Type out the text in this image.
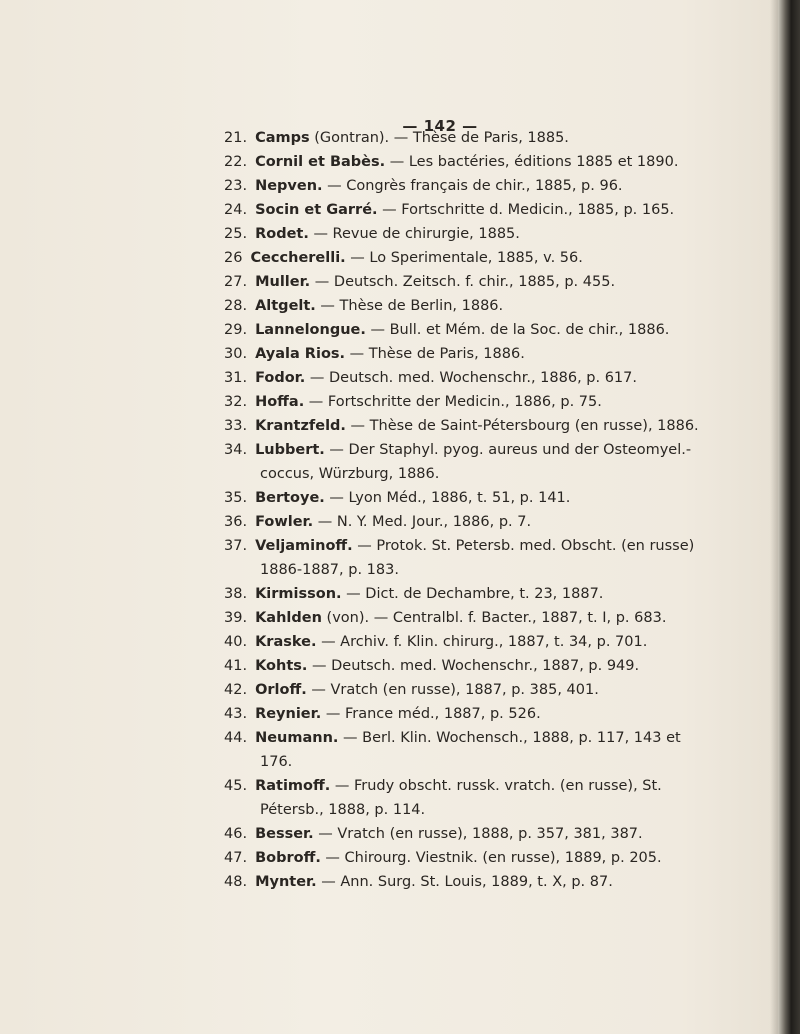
— 142 —
21. Camps (Gontran). — Thèse de Paris, 1885.
22. Cornil et Babès. — Les bactéries, éditions 1885 et 1890.
23. Nepven. — Congrès français de chir., 1885, p. 96.
24. Socin et Garré. — Fortschritte d. Medicin., 1885, p. 165.
25. Rodet. — Revue de chirurgie, 1885.
26 Ceccherelli. — Lo Sperimentale, 1885, v. 56.
27. Muller. — Deutsch. Zeitsch. f. chir., 1885, p. 455.
28. Altgelt. — Thèse de Berlin, 1886.
29. Lannelongue. — Bull. et Mém. de la Soc. de chir., 1886.
30. Ayala Rios. — Thèse de Paris, 1886.
31. Fodor. — Deutsch. med. Wochenschr., 1886, p. 617.
32. Hoffa. — Fortschritte der Medicin., 1886, p. 75.
33. Krantzfeld. — Thèse de Saint-Pétersbourg (en russe), 1886.
34. Lubbert. — Der Staphyl. pyog. aureus und der Osteomyel.-
coccus, Würzburg, 1886.
35. Bertoye. — Lyon Méd., 1886, t. 51, p. 141.
36. Fowler. — N. Y. Med. Jour., 1886, p. 7.
37. Veljaminoff. — Protok. St. Petersb. med. Obscht. (en russe)
1886-1887, p. 183.
38. Kirmisson. — Dict. de Dechambre, t. 23, 1887.
39. Kahlden (von). — Centralbl. f. Bacter., 1887, t. I, p. 683.
40. Kraske. — Archiv. f. Klin. chirurg., 1887, t. 34, p. 701.
41. Kohts. — Deutsch. med. Wochenschr., 1887, p. 949.
42. Orloff. — Vratch (en russe), 1887, p. 385, 401.
43. Reynier. — France méd., 1887, p. 526.
44. Neumann. — Berl. Klin. Wochensch., 1888, p. 117, 143 et
176.
45. Ratimoff. — Frudy obscht. russk. vratch. (en russe), St.
Pétersb., 1888, p. 114.
46. Besser. — Vratch (en russe), 1888, p. 357, 381, 387.
47. Bobroff. — Chirourg. Viestnik. (en russe), 1889, p. 205.
48. Mynter. — Ann. Surg. St. Louis, 1889, t. X, p. 87.
